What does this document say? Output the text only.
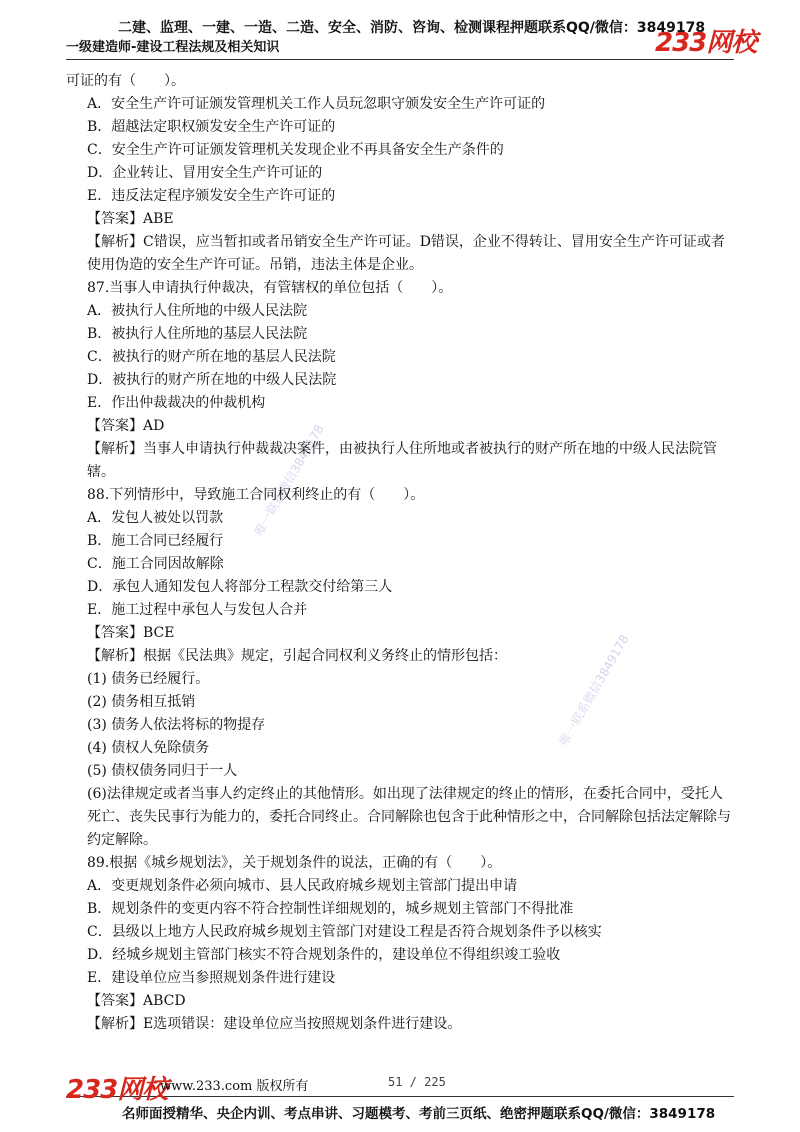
二建、监理、一建、一造、二造、安全、消防、咨询、检测课程押题联系QQ/微信：3849178
一级建造师-建设工程法规及相关知识	233网校
唯一联系微信3849178
唯一联系微信3849178
可证的有（　　）。
A．安全生产许可证颁发管理机关工作人员玩忽职守颁发安全生产许可证的
B．超越法定职权颁发安全生产许可证的
C．安全生产许可证颁发管理机关发现企业不再具备安全生产条件的
D．企业转让、冒用安全生产许可证的
E．违反法定程序颁发安全生产许可证的
【答案】ABE
【解析】C错误，应当暂扣或者吊销安全生产许可证。D错误，企业不得转让、冒用安全生产许可证或者使用伪造的安全生产许可证。吊销，违法主体是企业。
87.当事人申请执行仲裁决，有管辖权的单位包括（　　）。
A．被执行人住所地的中级人民法院
B．被执行人住所地的基层人民法院
C．被执行的财产所在地的基层人民法院
D．被执行的财产所在地的中级人民法院
E．作出仲裁裁决的仲裁机构
【答案】AD
【解析】当事人申请执行仲裁裁决案件，由被执行人住所地或者被执行的财产所在地的中级人民法院管辖。
88.下列情形中，导致施工合同权利终止的有（　　）。
A．发包人被处以罚款
B．施工合同已经履行
C．施工合同因故解除
D．承包人通知发包人将部分工程款交付给第三人
E．施工过程中承包人与发包人合并
【答案】BCE
【解析】根据《民法典》规定，引起合同权利义务终止的情形包括：
(1) 债务已经履行。
(2) 债务相互抵销
(3) 债务人依法将标的物提存
(4) 债权人免除债务
(5) 债权债务同归于一人
(6)法律规定或者当事人约定终止的其他情形。如出现了法律规定的终止的情形，在委托合同中，受托人死亡、丧失民事行为能力的，委托合同终止。合同解除也包含于此种情形之中，合同解除包括法定解除与约定解除。
89.根据《城乡规划法》，关于规划条件的说法，正确的有（　　）。
A．变更规划条件必须向城市、县人民政府城乡规划主管部门提出申请
B．规划条件的变更内容不符合控制性详细规划的，城乡规划主管部门不得批准
C．县级以上地方人民政府城乡规划主管部门对建设工程是否符合规划条件予以核实
D．经城乡规划主管部门核实不符合规划条件的，建设单位不得组织竣工验收
E．建设单位应当参照规划条件进行建设
【答案】ABCD
【解析】E选项错误：建设单位应当按照规划条件进行建设。
233网校
www.233.com 版权所有	51 / 225
名师面授精华、央企内训、考点串讲、习题模考、考前三页纸、绝密押题联系QQ/微信：3849178
